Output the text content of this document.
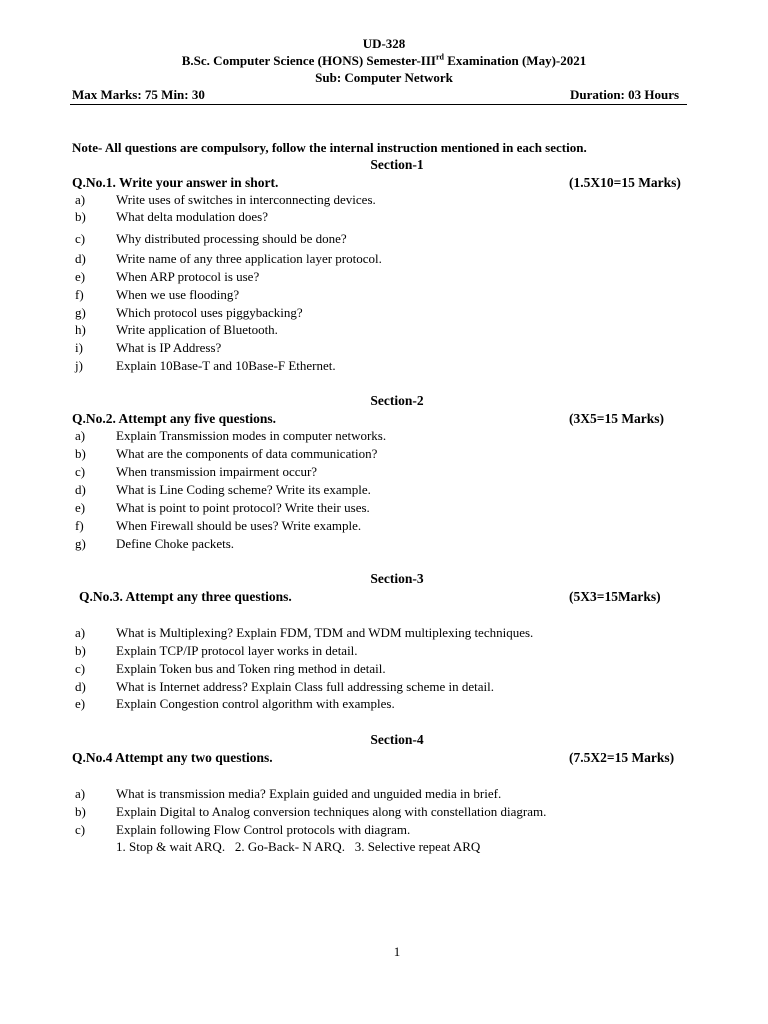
UD-328
B.Sc. Computer Science (HONS) Semester-IIIrd Examination (May)-2021
Sub: Computer Network
Max Marks: 75 Min: 30	Duration: 03 Hours
Note- All questions are compulsory, follow the internal instruction mentioned in each section.
Section-1
Q.No.1. Write your answer in short.	(1.5X10=15 Marks)
a) Write uses of switches in interconnecting devices.
b) What delta modulation does?
c) Why distributed processing should be done?
d) Write name of any three application layer protocol.
e) When ARP protocol is use?
f) When we use flooding?
g) Which protocol uses piggybacking?
h) Write application of Bluetooth.
i)	What is IP Address?
j)	Explain 10Base-T and 10Base-F Ethernet.
Section-2
Q.No.2. Attempt any five questions.	(3X5=15 Marks)
a) Explain Transmission modes in computer networks.
b) What are the components of data communication?
c) When transmission impairment occur?
d) What is Line Coding scheme? Write its example.
e) What is point to point protocol? Write their uses.
f) When Firewall should be uses? Write example.
g) Define Choke packets.
Section-3
Q.No.3. Attempt any three questions.	(5X3=15Marks)
a) What is Multiplexing? Explain FDM, TDM and WDM multiplexing techniques.
b) Explain TCP/IP protocol layer works in detail.
c) Explain Token bus and Token ring method in detail.
d) What is Internet address? Explain Class full addressing scheme in detail.
e) Explain Congestion control algorithm with examples.
Section-4
Q.No.4 Attempt any two questions.	(7.5X2=15 Marks)
a) What is transmission media? Explain guided and unguided media in brief.
b) Explain Digital to Analog conversion techniques along with constellation diagram.
c) Explain following Flow Control protocols with diagram.
1. Stop & wait ARQ.   2. Go-Back- N ARQ.   3. Selective repeat ARQ
1
